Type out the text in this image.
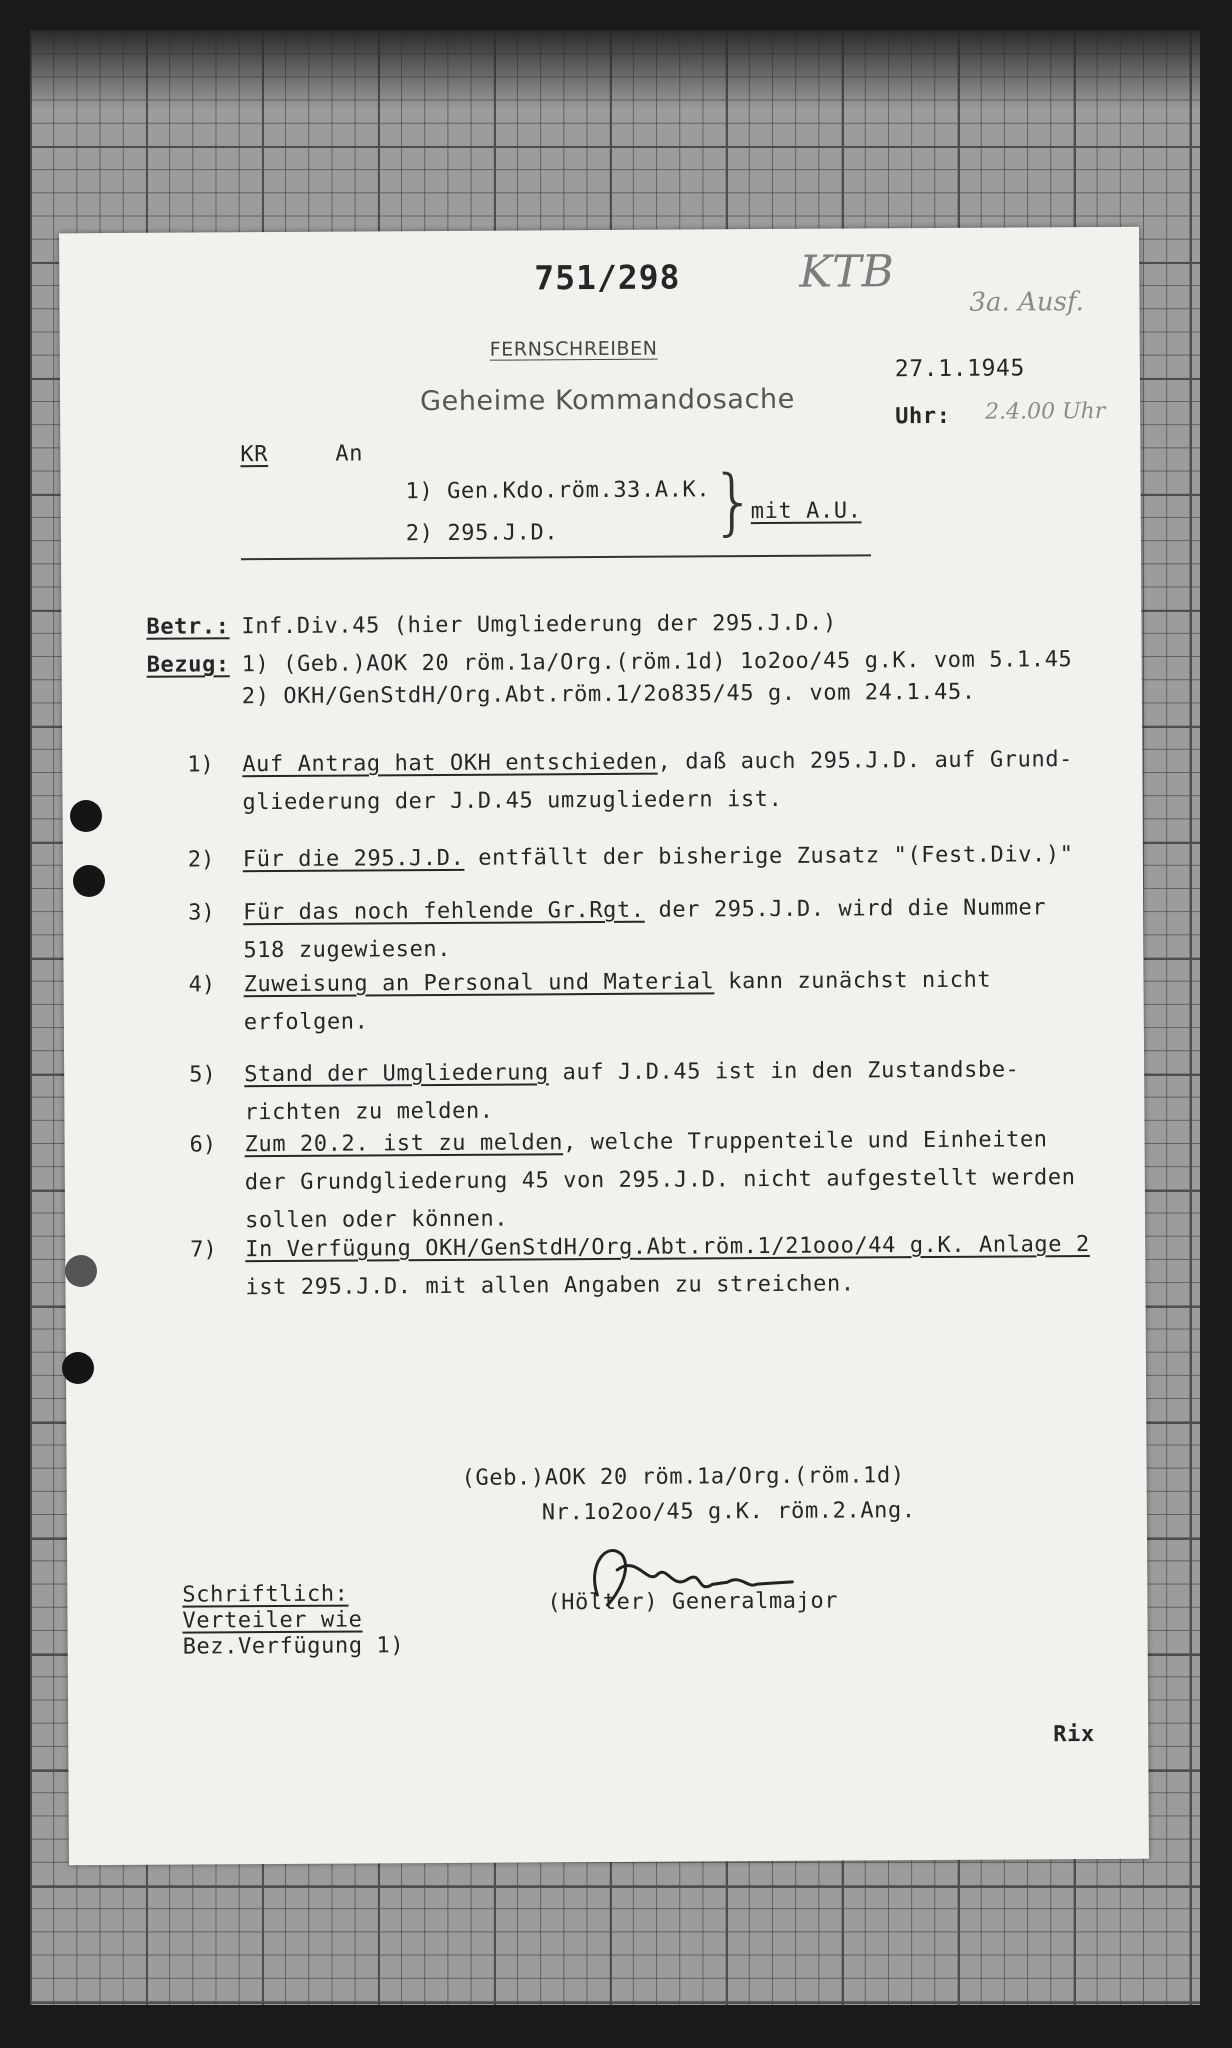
751/298	KTB
3a. Ausf.
FERNSCHREIBEN
Geheime Kommandosache
27.1.1945
Uhr: 2.4.00 Uhr
KR	An
1) Gen.Kdo.röm.33.A.K.
2) 295.J.D. }
mit A.U.
Betr.: Inf.Div.45 (hier Umgliederung der 295.J.D.)
Bezug: 1) (Geb.)AOK 20 röm.1a/Org.(röm.1d) 1o2oo/45 g.K. vom 5.1.45
2) OKH/GenStdH/Org.Abt.röm.1/2o835/45 g. vom 24.1.45.
1) Auf Antrag hat OKH entschieden, daß auch 295.J.D. auf Grund-
gliederung der J.D.45 umzugliedern ist.
2) Für die 295.J.D. entfällt der bisherige Zusatz "(Fest.Div.)"
3) Für das noch fehlende Gr.Rgt. der 295.J.D. wird die Nummer
518 zugewiesen.
4) Zuweisung an Personal und Material kann zunächst nicht
erfolgen.
5) Stand der Umgliederung auf J.D.45 ist in den Zustandsbe-
richten zu melden.
6) Zum 20.2. ist zu melden, welche Truppenteile und Einheiten
der Grundgliederung 45 von 295.J.D. nicht aufgestellt werden
sollen oder können.
7) In Verfügung OKH/GenStdH/Org.Abt.röm.1/21ooo/44 g.K. Anlage 2
ist 295.J.D. mit allen Angaben zu streichen.
(Geb.)AOK 20 röm.1a/Org.(röm.1d)
Nr.1o2oo/45 g.K. röm.2.Ang.
(Hölter) Generalmajor
Schriftlich:
Verteiler wie
Bez.Verfügung 1)
Rix
